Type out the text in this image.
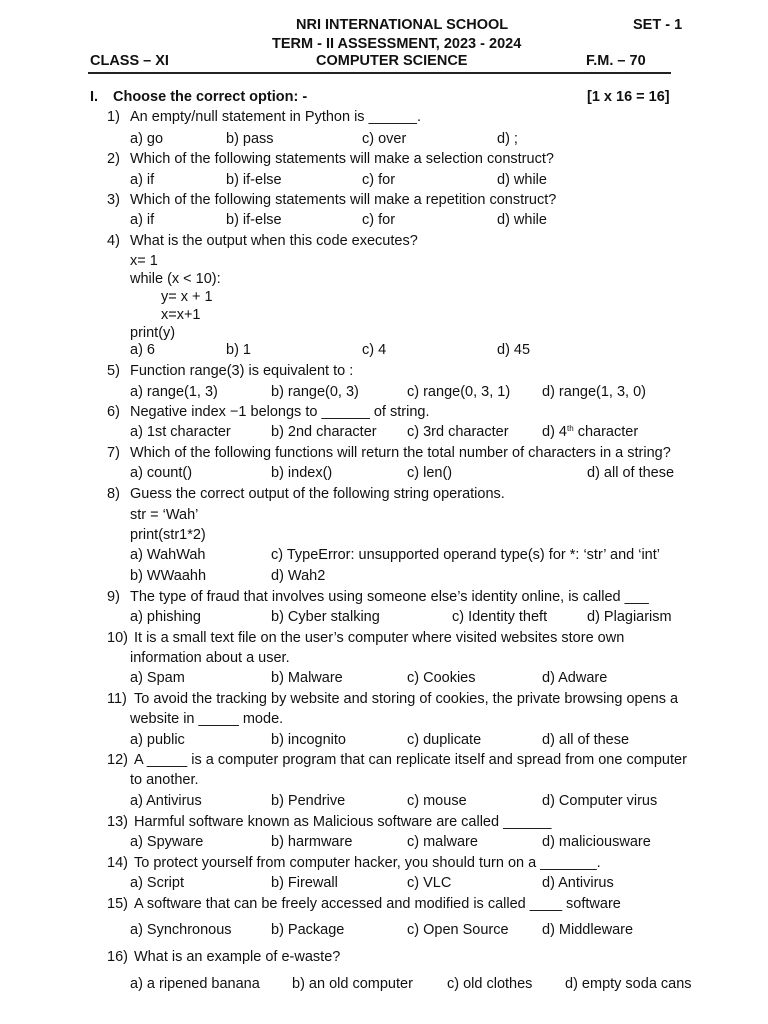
NRI INTERNATIONAL SCHOOL	SET - 1
TERM - II ASSESSMENT, 2023 - 2024
CLASS – XI	COMPUTER SCIENCE	F.M. – 70
I. Choose the correct option: -	[1 x 16 = 16]
1) An empty/null statement in Python is ______.
a) go	b) pass	c) over	d) ;
2) Which of the following statements will make a selection construct?
a) if	b) if-else	c) for	d) while
3) Which of the following statements will make a repetition construct?
a) if	b) if-else	c) for	d) while
4) What is the output when this code executes?
x= 1
while (x < 10):
y= x + 1
x=x+1
print(y)
a) 6	b) 1	c) 4	d) 45
5) Function range(3) is equivalent to :
a) range(1, 3)	b) range(0, 3)	c) range(0, 3, 1) d) range(1, 3, 0)
6) Negative index −1 belongs to ______ of string.
a) 1st character	b) 2nd character c) 3rd character d) 4th character
7) Which of the following functions will return the total number of characters in a string?
a) count()	b) index()	c) len()	d) all of these
8) Guess the correct output of the following string operations.
str = ‘Wah’
print(str1*2)
a) WahWah	c) TypeError: unsupported operand type(s) for *: ‘str’ and ‘int’
b) WWaahh	d) Wah2
9) The type of fraud that involves using someone else’s identity online, is called ___
a) phishing	b) Cyber stalking	c) Identity theft	d) Plagiarism
10) It is a small text file on the user’s computer where visited websites store own
information about a user.
a) Spam	b) Malware	c) Cookies	d) Adware
11) To avoid the tracking by website and storing of cookies, the private browsing opens a
website in _____ mode.
a) public	b) incognito	c) duplicate	d) all of these
12) A _____ is a computer program that can replicate itself and spread from one computer
to another.
a) Antivirus	b) Pendrive	c) mouse	d) Computer virus
13) Harmful software known as Malicious software are called ______
a) Spyware	b) harmware	c) malware	d) maliciousware
14) To protect yourself from computer hacker, you should turn on a _______.
a) Script	b) Firewall	c) VLC	d) Antivirus
15) A software that can be freely accessed and modified is called ____ software
a) Synchronous	b) Package	c) Open Source d) Middleware
16) What is an example of e-waste?
a) a ripened banana b) an old computer c) old clothes d) empty soda cans
